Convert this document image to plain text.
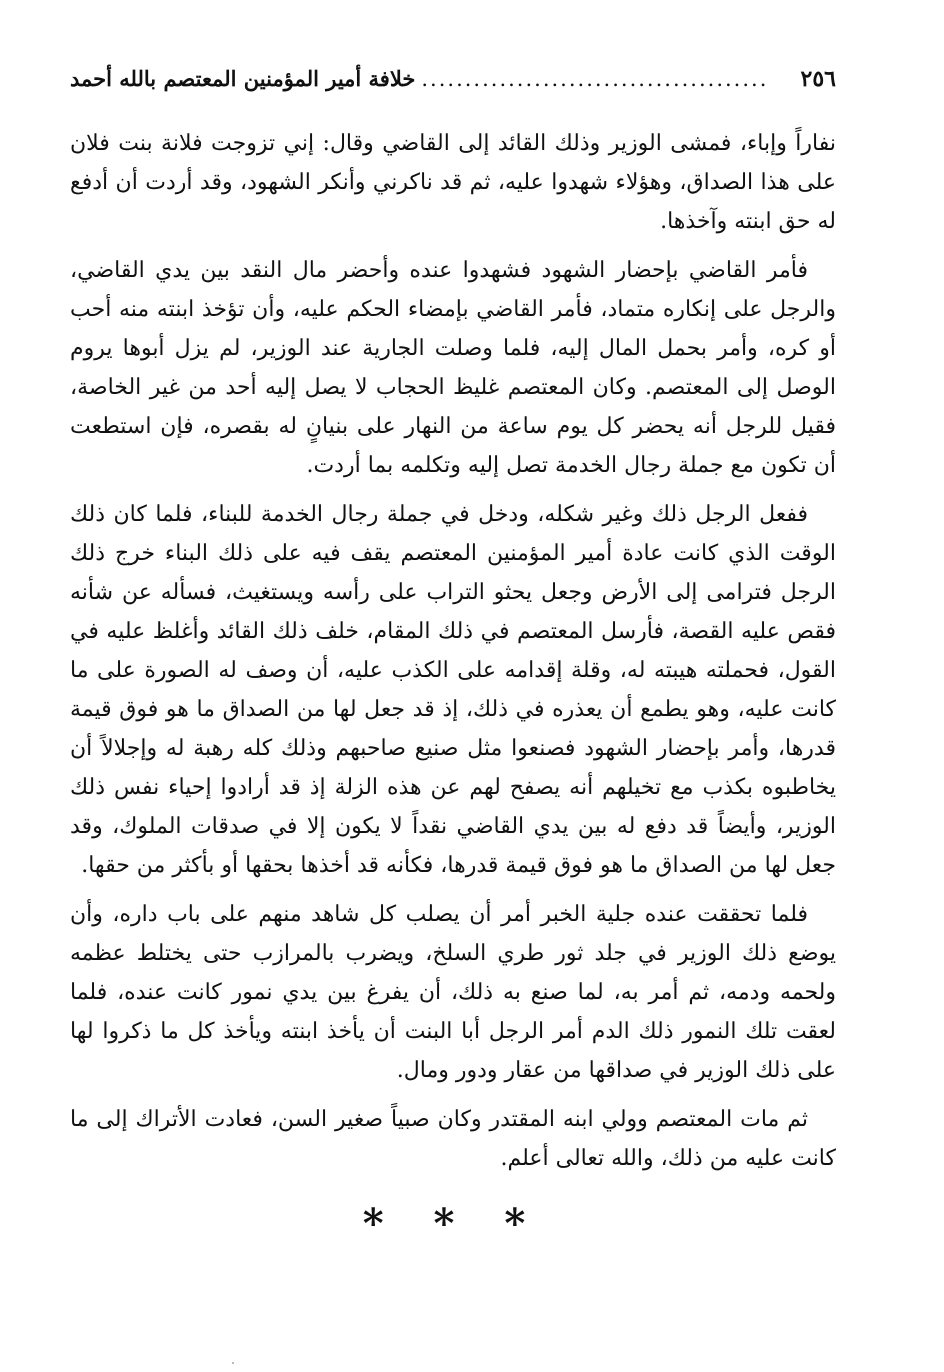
خلافة أمير المؤمنين المعتصم بالله أحمد ........................................	٢٥٦

نفاراً وإباء، فمشى الوزير وذلك القائد إلى القاضي وقال: إني تزوجت فلانة بنت فلان على هذا الصداق، وهؤلاء شهدوا عليه، ثم قد ناكرني وأنكر الشهود، وقد أردت أن أدفع له حق ابنته وآخذها.

فأمر القاضي بإحضار الشهود فشهدوا عنده وأحضر مال النقد بين يدي القاضي، والرجل على إنكاره متماد، فأمر القاضي بإمضاء الحكم عليه، وأن تؤخذ ابنته منه أحب أو كره، وأمر بحمل المال إليه، فلما وصلت الجارية عند الوزير، لم يزل أبوها يروم الوصل إلى المعتصم. وكان المعتصم غليظ الحجاب لا يصل إليه أحد من غير الخاصة، فقيل للرجل أنه يحضر كل يوم ساعة من النهار على بنيانٍ له بقصره، فإن استطعت أن تكون مع جملة رجال الخدمة تصل إليه وتكلمه بما أردت.

ففعل الرجل ذلك وغير شكله، ودخل في جملة رجال الخدمة للبناء، فلما كان ذلك الوقت الذي كانت عادة أمير المؤمنين المعتصم يقف فيه على ذلك البناء خرج ذلك الرجل فترامى إلى الأرض وجعل يحثو التراب على رأسه ويستغيث، فسأله عن شأنه فقص عليه القصة، فأرسل المعتصم في ذلك المقام، خلف ذلك القائد وأغلظ عليه في القول، فحملته هيبته له، وقلة إقدامه على الكذب عليه، أن وصف له الصورة على ما كانت عليه، وهو يطمع أن يعذره في ذلك، إذ قد جعل لها من الصداق ما هو فوق قيمة قدرها، وأمر بإحضار الشهود فصنعوا مثل صنيع صاحبهم وذلك كله رهبة له وإجلالاً أن يخاطبوه بكذب مع تخيلهم أنه يصفح لهم عن هذه الزلة إذ قد أرادوا إحياء نفس ذلك الوزير، وأيضاً قد دفع له بين يدي القاضي نقداً لا يكون إلا في صدقات الملوك، وقد جعل لها من الصداق ما هو فوق قيمة قدرها، فكأنه قد أخذها بحقها أو بأكثر من حقها.

فلما تحققت عنده جلية الخبر أمر أن يصلب كل شاهد منهم على باب داره، وأن يوضع ذلك الوزير في جلد ثور طري السلخ، ويضرب بالمرازب حتى يختلط عظمه ولحمه ودمه، ثم أمر به، لما صنع به ذلك، أن يفرغ بين يدي نمور كانت عنده، فلما لعقت تلك النمور ذلك الدم أمر الرجل أبا البنت أن يأخذ ابنته ويأخذ كل ما ذكروا لها على ذلك الوزير في صداقها من عقار ودور ومال.

ثم مات المعتصم وولي ابنه المقتدر وكان صبياً صغير السن، فعادت الأتراك إلى ما كانت عليه من ذلك، والله تعالى أعلم.

* * *
